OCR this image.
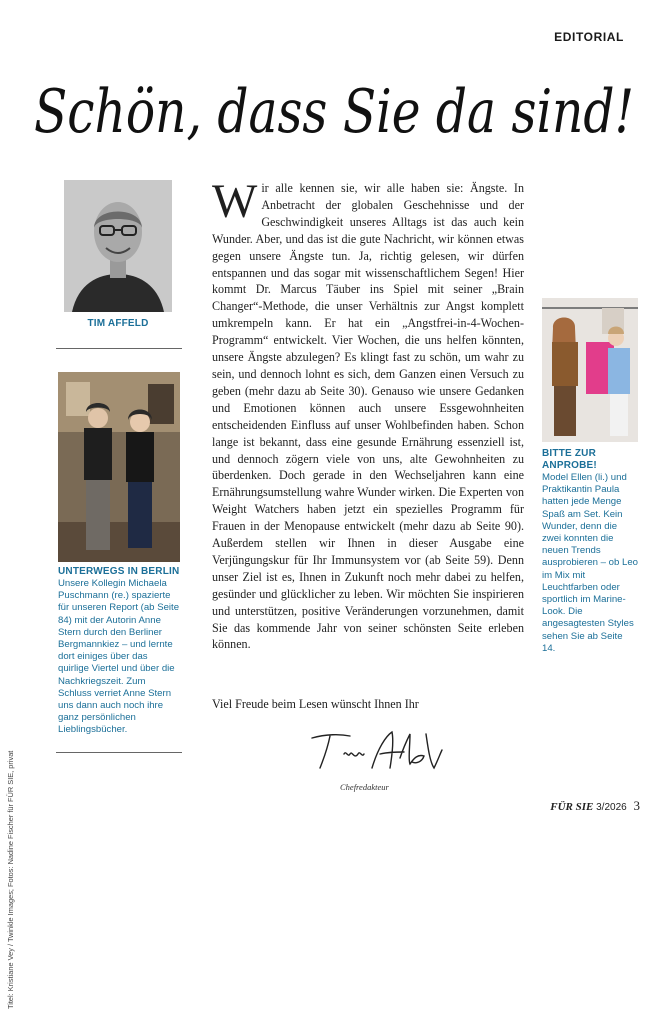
EDITORIAL
Schön, dass Sie da sind!
TIM AFFELD
UNTERWEGS IN BERLIN
Unsere Kollegin Michaela Puschmann (re.) spazierte für unseren Report (ab Seite 84) mit der Autorin Anne Stern durch den Berliner Bergmannkiez – und lernte dort einiges über das quirlige Viertel und über die Nachkriegszeit. Zum Schluss verriet Anne Stern uns dann auch noch ihre ganz persönlichen Lieblingsbücher.
Titel: Kristiane Vey / Twinkle Images; Fotos: Nadine Fischer für FÜR SIE, privat

Wir alle kennen sie, wir alle haben sie: Ängste. In Anbetracht der globalen Geschehnisse und der Geschwindigkeit unseres Alltags ist das auch kein Wunder. Aber, und das ist die gute Nachricht, wir können etwas gegen unsere Ängste tun. Ja, richtig gelesen, wir dürfen entspannen und das sogar mit wissenschaftlichem Segen! Hier kommt Dr. Marcus Täuber ins Spiel mit seiner „Brain Changer“-Methode, die unser Verhältnis zur Angst komplett umkrempeln kann. Er hat ein „Angstfrei-in-4-Wochen-Programm“ entwickelt. Vier Wochen, die uns helfen könnten, unsere Ängste abzulegen? Es klingt fast zu schön, um wahr zu sein, und dennoch lohnt es sich, dem Ganzen einen Versuch zu geben (mehr dazu ab Seite 30). Genauso wie unsere Gedanken und Emotionen können auch unsere Essgewohnheiten entscheidenden Einfluss auf unser Wohlbefinden haben. Schon lange ist bekannt, dass eine gesunde Ernährung essenziell ist, und dennoch zögern viele von uns, alte Gewohnheiten zu überdenken. Doch gerade in den Wechseljahren kann eine Ernährungsumstellung wahre Wunder wirken. Die Experten von Weight Watchers haben jetzt ein spezielles Programm für Frauen in der Menopause entwickelt (mehr dazu ab Seite 90). Außerdem stellen wir Ihnen in dieser Ausgabe eine Verjüngungskur für Ihr Immunsystem vor (ab Seite 59). Denn unser Ziel ist es, Ihnen in Zukunft noch mehr dabei zu helfen, gesünder und glücklicher zu leben. Wir möchten Sie inspirieren und unterstützen, positive Veränderungen vorzunehmen, damit Sie das kommende Jahr von seiner schönsten Seite erleben können.

Viel Freude beim Lesen wünscht Ihnen Ihr
Chefredakteur
BITTE ZUR ANPROBE!
Model Ellen (li.) und Praktikantin Paula hatten jede Menge Spaß am Set. Kein Wunder, denn die zwei konnten die neuen Trends ausprobieren – ob Leo im Mix mit Leuchtfarben oder sportlich im Marine-Look. Die angesagtesten Styles sehen Sie ab Seite 14.
FÜR SIE 3/2026 3
